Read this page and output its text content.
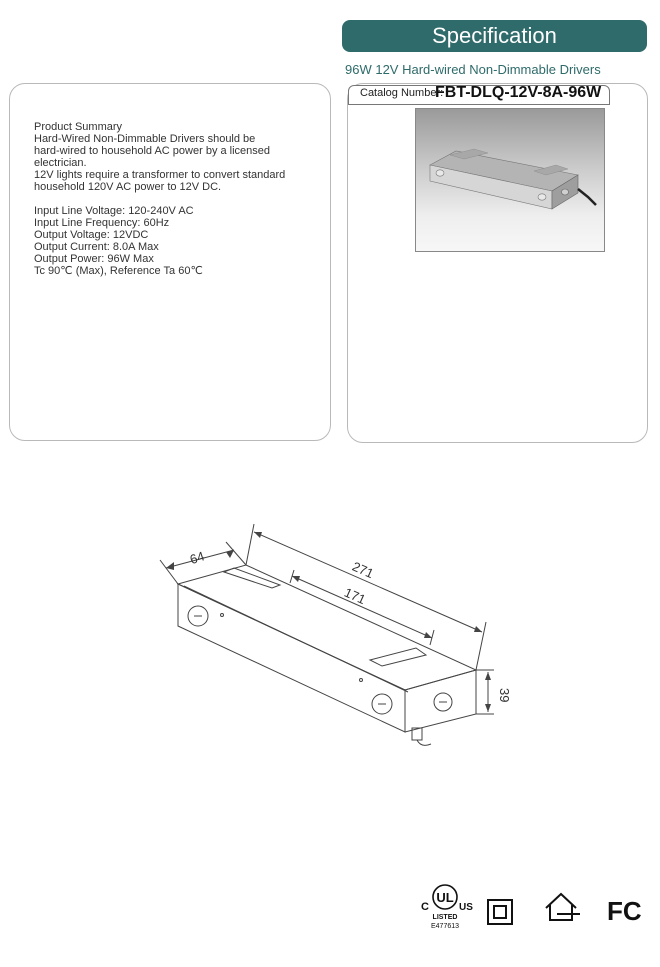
Specification
96W 12V Hard-wired Non-Dimmable Drivers
Product Summary
Hard-Wired Non-Dimmable Drivers should be
hard-wired to household AC power by a licensed
electrician.
12V lights require a transformer to convert standard
household 120V AC power to 12V DC.
Input Line Voltage: 120-240V AC
Input Line Frequency: 60Hz
Output Voltage: 12VDC
Output Current: 8.0A Max
Output Power: 96W Max
Tc 90℃ (Max), Reference Ta 60℃
Catalog Number:
FBT-DLQ-12V-8A-96W
64
271
171
39
UL
C	US
LISTED
E477613
FC
